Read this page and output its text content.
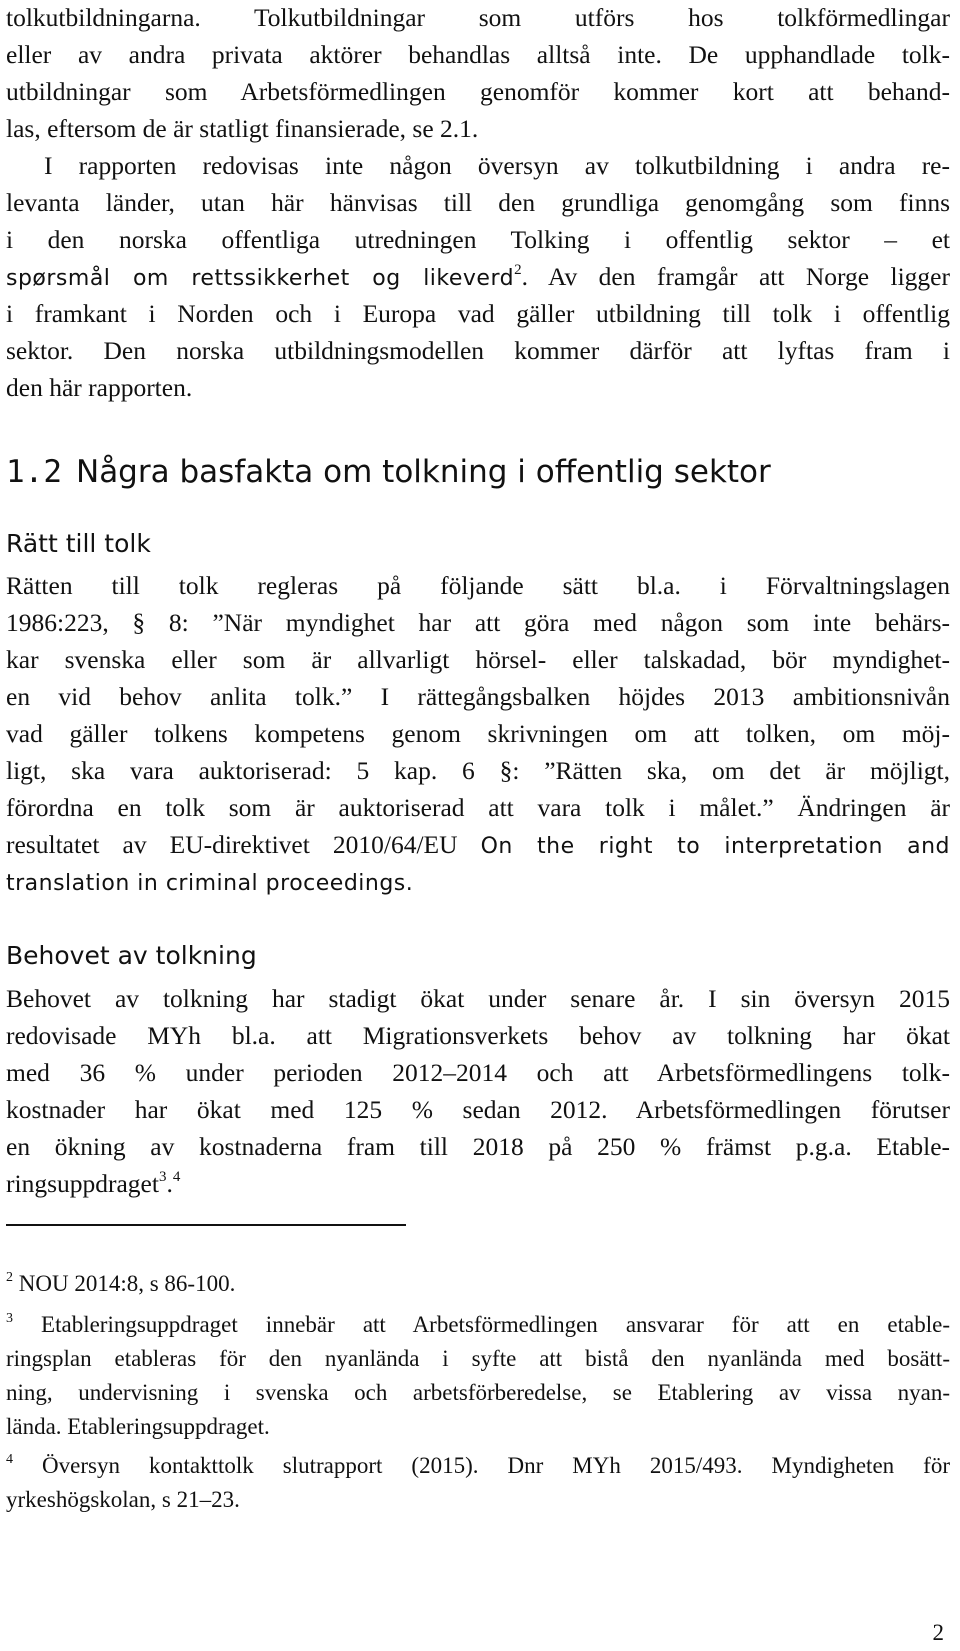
tolkutbildningarna. Tolkutbildningar som utförs hos tolkförmedlingar

eller av andra privata aktörer behandlas alltså inte. De upphandlade tolk-

utbildningar som Arbetsförmedlingen genomför kommer kort att behand-

las, eftersom de är statligt finansierade, se 2.1.

I rapporten redovisas inte någon översyn av tolkutbildning i andra re-

levanta länder, utan här hänvisas till den grundliga genomgång som finns

i den norska offentliga utredningen Tolking i offentlig sektor – et

spørsmål om rettssikkerhet og likeverd$^2$. Av den framgår att Norge ligger

i framkant i Norden och i Europa vad gäller utbildning till tolk i offentlig

sektor. Den norska utbildningsmodellen kommer därför att lyftas fram i

den här rapporten.

1.2 Några basfakta om tolkning i offentlig sektor
Rätt till tolk

Rätten till tolk regleras på följande sätt bl.a. i Förvaltningslagen

1986:223, § 8: ”När myndighet har att göra med någon som inte behärs-

kar svenska eller som är allvarligt hörsel- eller talskadad, bör myndighet-

en vid behov anlita tolk.” I rättegångsbalken höjdes 2013 ambitionsnivån

vad gäller tolkens kompetens genom skrivningen om att tolken, om möj-

ligt, ska vara auktoriserad: 5 kap. 6 §: ”Rätten ska, om det är möjligt,

förordna en tolk som är auktoriserad att vara tolk i målet.” Ändringen är

resultatet av EU-direktivet 2010/64/EU On the right to interpretation and

translation in criminal proceedings.

Behovet av tolkning

Behovet av tolkning har stadigt ökat under senare år. I sin översyn 2015

redovisade MYh bl.a. att Migrationsverkets behov av tolkning har ökat

med 36 % under perioden 2012–2014 och att Arbetsförmedlingens tolk-

kostnader har ökat med 125 % sedan 2012. Arbetsförmedlingen förutser

en ökning av kostnaderna fram till 2018 på 250 % främst p.g.a. Etable-

ringsuppdraget$^3$.$^4$

$^2$ NOU 2014:8, s 86-100.

$^3$ Etableringsuppdraget innebär att Arbetsförmedlingen ansvarar för att en etable-

ringsplan etableras för den nyanlända i syfte att bistå den nyanlända med bosätt-

ning, undervisning i svenska och arbetsförberedelse, se Etablering av vissa nyan-

lända. Etableringsuppdraget.

$^4$ Översyn kontakttolk slutrapport (2015). Dnr MYh 2015/493. Myndigheten för

yrkeshögskolan, s 21–23.

2
